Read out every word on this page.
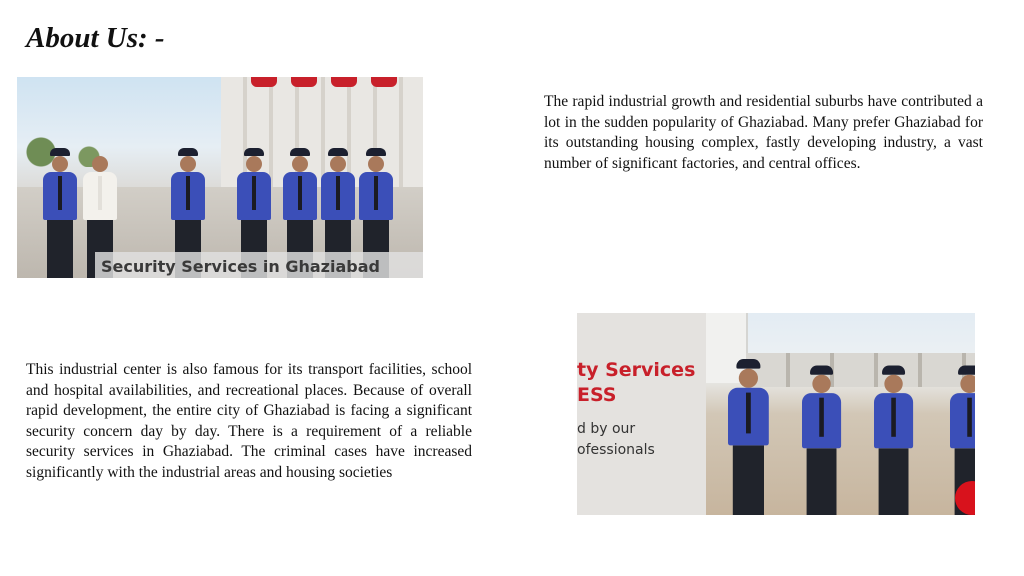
About Us: -
Security Services in Ghaziabad

The rapid industrial growth and residential suburbs have contributed a lot in the sudden popularity of Ghaziabad. Many prefer Ghaziabad for its outstanding housing complex, fastly developing industry, a vast number of significant factories, and central offices.

This industrial center is also famous for its transport facilities, school and hospital availabilities, and recreational places. Because of overall rapid development, the entire city of Ghaziabad is facing a significant security concern day by day. There is a requirement of a reliable security services in Ghaziabad. The criminal cases have increased significantly with the industrial areas and housing societies

ty Services
ESS
d by our
ofessionals
